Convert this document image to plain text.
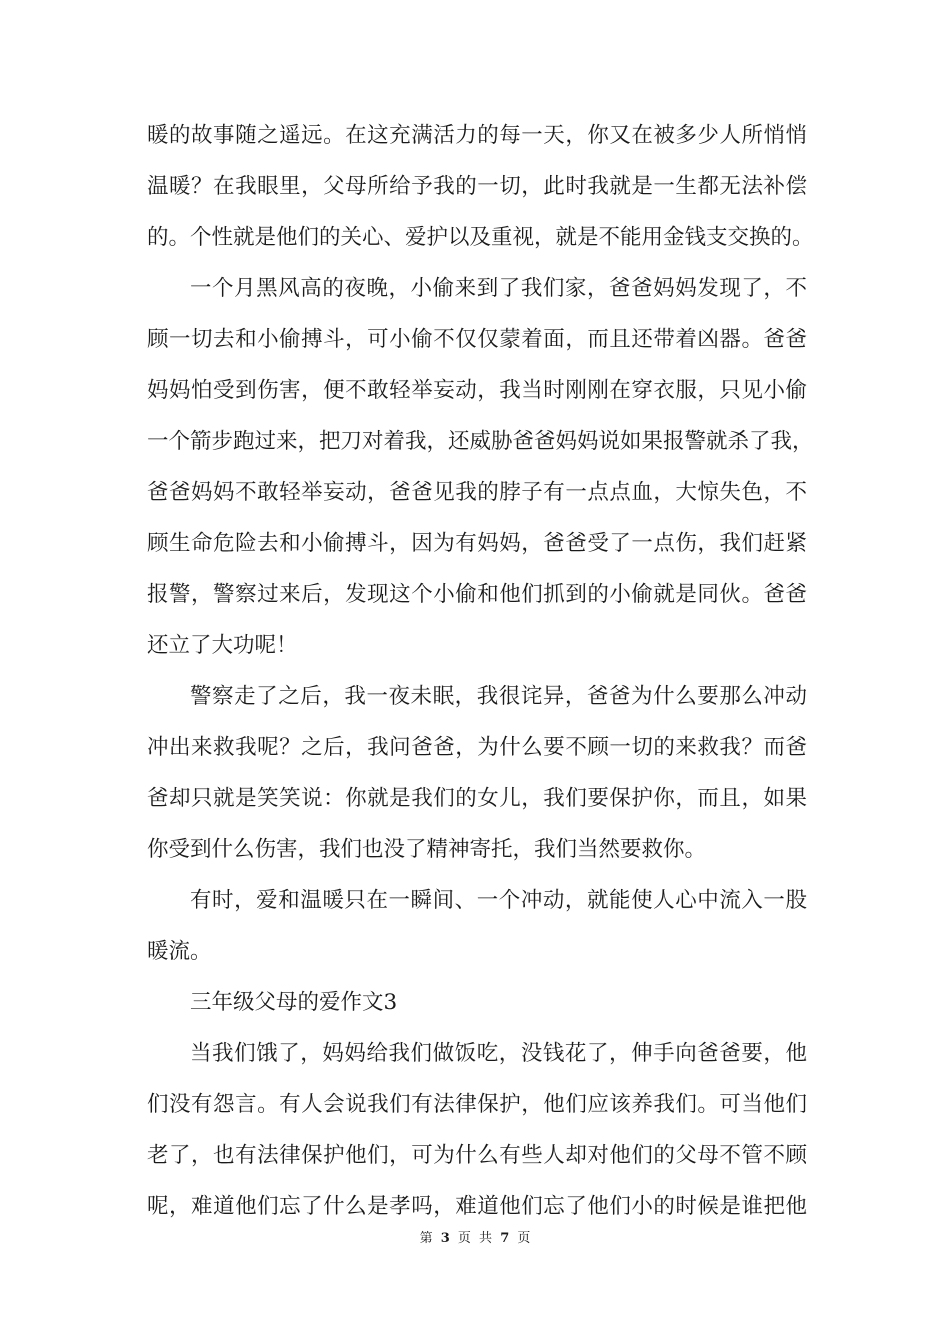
暖的故事随之遥远。在这充满活力的每一天，你又在被多少人所悄悄
温暖？在我眼里，父母所给予我的一切，此时我就是一生都无法补偿
的。个性就是他们的关心、爱护以及重视，就是不能用金钱支交换的。
一个月黑风高的夜晚，小偷来到了我们家，爸爸妈妈发现了，不
顾一切去和小偷搏斗，可小偷不仅仅蒙着面，而且还带着凶器。爸爸
妈妈怕受到伤害，便不敢轻举妄动，我当时刚刚在穿衣服，只见小偷
一个箭步跑过来，把刀对着我，还威胁爸爸妈妈说如果报警就杀了我，
爸爸妈妈不敢轻举妄动，爸爸见我的脖子有一点点血，大惊失色，不
顾生命危险去和小偷搏斗，因为有妈妈，爸爸受了一点伤，我们赶紧
报警，警察过来后，发现这个小偷和他们抓到的小偷就是同伙。爸爸
还立了大功呢！
警察走了之后，我一夜未眠，我很诧异，爸爸为什么要那么冲动
冲出来救我呢？之后，我问爸爸，为什么要不顾一切的来救我？而爸
爸却只就是笑笑说：你就是我们的女儿，我们要保护你，而且，如果
你受到什么伤害，我们也没了精神寄托，我们当然要救你。
有时，爱和温暖只在一瞬间、一个冲动，就能使人心中流入一股
暖流。
三年级父母的爱作文3
当我们饿了，妈妈给我们做饭吃，没钱花了，伸手向爸爸要，他
们没有怨言。有人会说我们有法律保护，他们应该养我们。可当他们
老了，也有法律保护他们，可为什么有些人却对他们的父母不管不顾
呢，难道他们忘了什么是孝吗，难道他们忘了他们小的时候是谁把他
第 3 页 共 7 页
